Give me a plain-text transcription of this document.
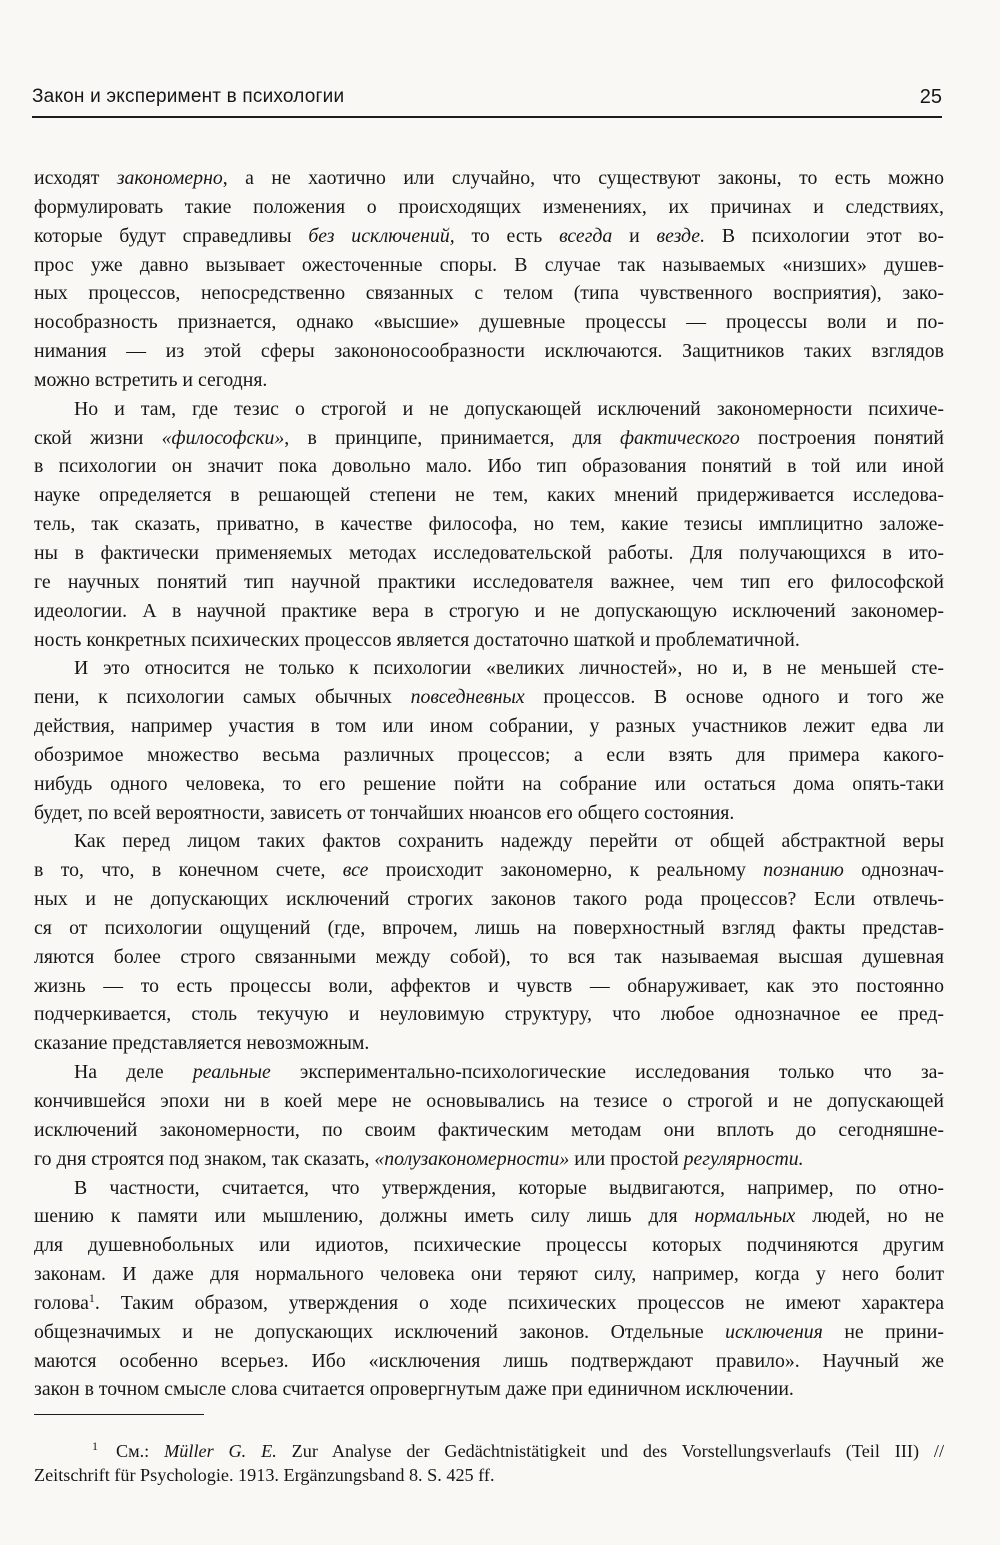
Закон и эксперимент в психологии	25
исходят закономерно, а не хаотично или случайно, что существуют законы, то есть можно
формулировать такие положения о происходящих изменениях, их причинах и следствиях,
которые будут справедливы без исключений, то есть всегда и везде. В психологии этот во-
прос уже давно вызывает ожесточенные споры. В случае так называемых «низших» душев-
ных процессов, непосредственно связанных с телом (типа чувственного восприятия), зако-
нособразность признается, однако «высшие» душевные процессы — процессы воли и по-
нимания — из этой сферы закононосообразности исключаются. Защитников таких взглядов
можно встретить и сегодня.
Но и там, где тезис о строгой и не допускающей исключений закономерности психиче-
ской жизни «философски», в принципе, принимается, для фактического построения понятий
в психологии он значит пока довольно мало. Ибо тип образования понятий в той или иной
науке определяется в решающей степени не тем, каких мнений придерживается исследова-
тель, так сказать, приватно, в качестве философа, но тем, какие тезисы имплицитно заложе-
ны в фактически применяемых методах исследовательской работы. Для получающихся в ито-
ге научных понятий тип научной практики исследователя важнее, чем тип его философской
идеологии. А в научной практике вера в строгую и не допускающую исключений закономер-
ность конкретных психических процессов является достаточно шаткой и проблематичной.
И это относится не только к психологии «великих личностей», но и, в не меньшей сте-
пени, к психологии самых обычных повседневных процессов. В основе одного и того же
действия, например участия в том или ином собрании, у разных участников лежит едва ли
обозримое множество весьма различных процессов; а если взять для примера какого-
нибудь одного человека, то его решение пойти на собрание или остаться дома опять-таки
будет, по всей вероятности, зависеть от тончайших нюансов его общего состояния.
Как перед лицом таких фактов сохранить надежду перейти от общей абстрактной веры
в то, что, в конечном счете, все происходит закономерно, к реальному познанию однознач-
ных и не допускающих исключений строгих законов такого рода процессов? Если отвлечь-
ся от психологии ощущений (где, впрочем, лишь на поверхностный взгляд факты представ-
ляются более строго связанными между собой), то вся так называемая высшая душевная
жизнь — то есть процессы воли, аффектов и чувств — обнаруживает, как это постоянно
подчеркивается, столь текучую и неуловимую структуру, что любое однозначное ее пред-
сказание представляется невозможным.
На деле реальные экспериментально-психологические исследования только что за-
кончившейся эпохи ни в коей мере не основывались на тезисе о строгой и не допускающей
исключений закономерности, по своим фактическим методам они вплоть до сегодняшне-
го дня строятся под знаком, так сказать, «полузакономерности» или простой регулярности.
В частности, считается, что утверждения, которые выдвигаются, например, по отно-
шению к памяти или мышлению, должны иметь силу лишь для нормальных людей, но не
для душевнобольных или идиотов, психические процессы которых подчиняются другим
законам. И даже для нормального человека они теряют силу, например, когда у него болит
голова$^1$. Таким образом, утверждения о ходе психических процессов не имеют характера
общезначимых и не допускающих исключений законов. Отдельные исключения не прини-
маются особенно всерьез. Ибо «исключения лишь подтверждают правило». Научный же
закон в точном смысле слова считается опровергнутым даже при единичном исключении.
$^1$ См.: Müller G. E. Zur Analyse der Gedächtnistätigkeit und des Vorstellungsverlaufs (Teil III) //
Zeitschrift für Psychologie. 1913. Ergänzungsband 8. S. 425 ff.
